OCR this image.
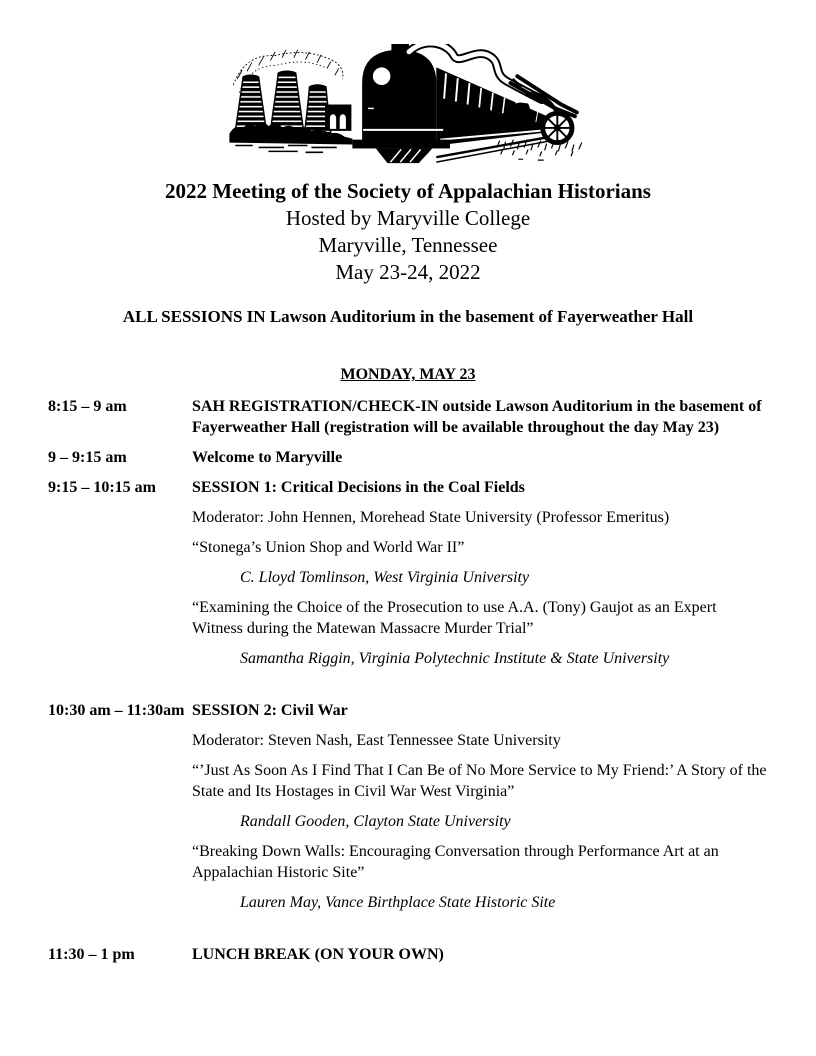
2022 Meeting of the Society of Appalachian Historians
Hosted by Maryville College
Maryville, Tennessee
May 23-24, 2022
ALL SESSIONS IN Lawson Auditorium in the basement of Fayerweather Hall
MONDAY, MAY 23
8:15 – 9 am	SAH REGISTRATION/CHECK-IN outside Lawson Auditorium in the basement of Fayerweather Hall (registration will be available throughout the day May 23)

9 – 9:15 am	Welcome to Maryville

9:15 – 10:15 am	SESSION 1: Critical Decisions in the Coal Fields

Moderator: John Hennen, Morehead State University (Professor Emeritus)

“Stonega’s Union Shop and World War II”

C. Lloyd Tomlinson, West Virginia University

“Examining the Choice of the Prosecution to use A.A. (Tony) Gaujot as an Expert Witness during the Matewan Massacre Murder Trial”

Samantha Riggin, Virginia Polytechnic Institute & State University

10:30 am – 11:30am SESSION 2: Civil War

Moderator: Steven Nash, East Tennessee State University

“’Just As Soon As I Find That I Can Be of No More Service to My Friend:’ A Story of the State and Its Hostages in Civil War West Virginia”

Randall Gooden, Clayton State University

“Breaking Down Walls: Encouraging Conversation through Performance Art at an Appalachian Historic Site”

Lauren May, Vance Birthplace State Historic Site

11:30 – 1 pm	LUNCH BREAK (ON YOUR OWN)
